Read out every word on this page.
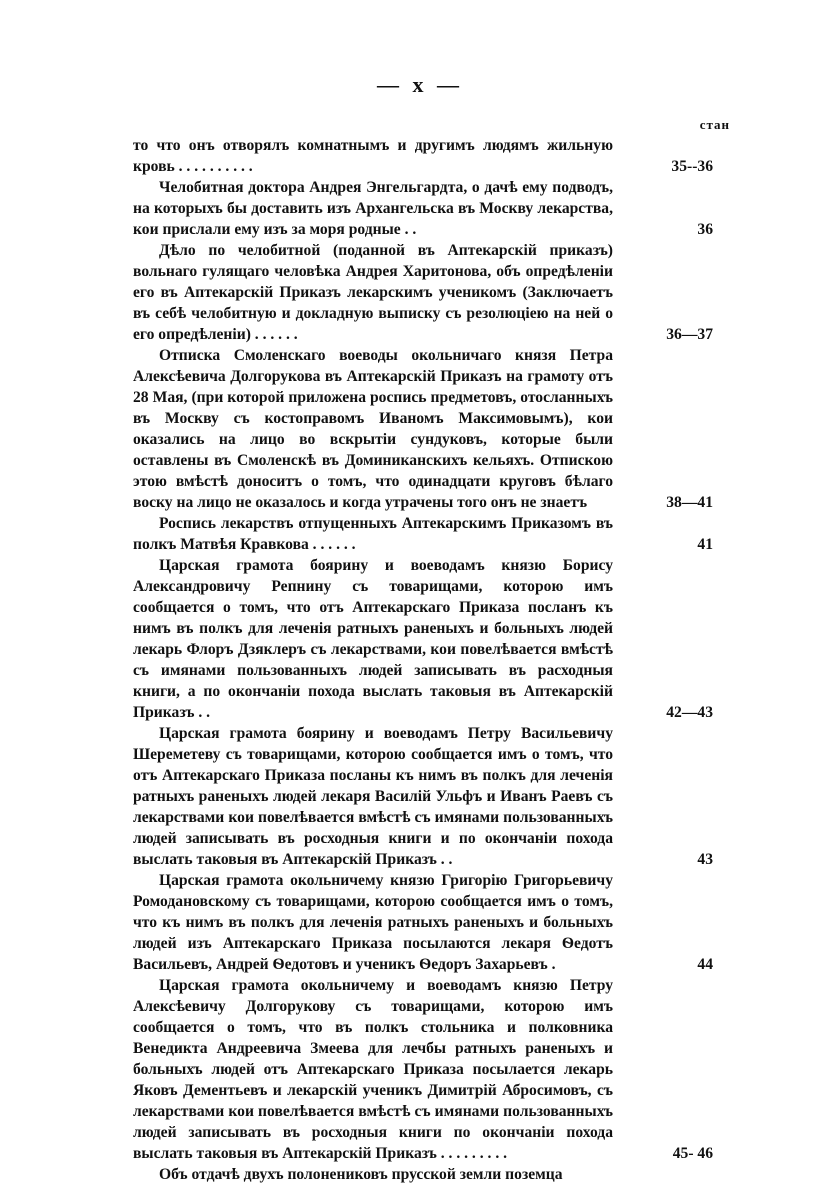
— x —
стан
то что онъ отворялъ комнатнымъ и другимъ людямъ жильную кровь . . . . . . . . . .	35--36
Челобитная доктора Андрея Энгельгардта, о дачѣ ему подводъ, на которыхъ бы доставить изъ Архангельска въ Москву лекарства, кои прислали ему изъ за моря родные . .	36
Дѣло по челобитной (поданной въ Аптекарскій приказъ) вольнаго гулящаго человѣка Андрея Харитонова, объ опредѣленіи его въ Аптекарскій Приказъ лекарскимъ ученикомъ (Заключаетъ въ себѣ челобитную и докладную выписку съ резолюціею на ней о его опредѣленіи) . . . . . .	36—37
Отписка Смоленскаго воеводы окольничаго князя Петра Алексѣевича Долгорукова въ Аптекарскій Приказъ на грамоту отъ 28 Мая, (при которой приложена роспись предметовъ, отосланныхъ въ Москву съ костоправомъ Иваномъ Максимовымъ), кои оказались на лицо во вскрытіи сундуковъ, которые были оставлены въ Смоленскѣ въ Доминиканскихъ кельяхъ. Отпискою этою вмѣстѣ доноситъ о томъ, что одинадцати круговъ бѣлаго воску на лицо не оказалось и когда утрачены того онъ не знаетъ	38—41
Роспись лекарствъ отпущенныхъ Аптекарскимъ Приказомъ въ полкъ Матвѣя Кравкова . . . . . .	41
Царская грамота боярину и воеводамъ князю Борису Александровичу Репнину съ товарищами, которою имъ сообщается о томъ, что отъ Аптекарскаго Приказа посланъ къ нимъ въ полкъ для леченія ратныхъ раненыхъ и больныхъ людей лекарь Флоръ Дзяклеръ съ лекарствами, кои повелѣвается вмѣстѣ съ имянами пользованныхъ людей записывать въ расходныя книги, а по окончаніи похода выслать таковыя въ Аптекарскій Приказъ . .	42—43
Царская грамота боярину и воеводамъ Петру Васильевичу Шереметеву съ товарищами, которою сообщается имъ о томъ, что отъ Аптекарскаго Приказа посланы къ нимъ въ полкъ для леченія ратныхъ раненыхъ людей лекаря Василій Ульфъ и Иванъ Раевъ съ лекарствами кои повелѣвается вмѣстѣ съ имянами пользованныхъ людей записывать въ росходныя книги и по окончаніи похода выслать таковыя въ Аптекарскій Приказъ . .	43
Царская грамота окольничему князю Григорію Григорьевичу Ромодановскому съ товарищами, которою сообщается имъ о томъ, что къ нимъ въ полкъ для леченія ратныхъ раненыхъ и больныхъ людей изъ Аптекарскаго Приказа посылаются лекаря Ѳедотъ Васильевъ, Андрей Ѳедотовъ и ученикъ Ѳедоръ Захарьевъ .	44
Царская грамота окольничему и воеводамъ князю Петру Алексѣевичу Долгорукову съ товарищами, которою имъ сообщается о томъ, что въ полкъ стольника и полковника Венедикта Андреевича Змеева для лечбы ратныхъ раненыхъ и больныхъ людей отъ Аптекарскаго Приказа посылается лекарь Яковъ Дементьевъ и лекарскій ученикъ Димитрій Абросимовъ, съ лекарствами кои повелѣвается вмѣстѣ съ имянами пользованныхъ людей записывать въ росходныя книги по окончаніи похода выслать таковыя въ Аптекарскій Приказъ . . . . . . . . .	45- 46
Объ отдачѣ двухъ полонениковъ прусской земли поземца
